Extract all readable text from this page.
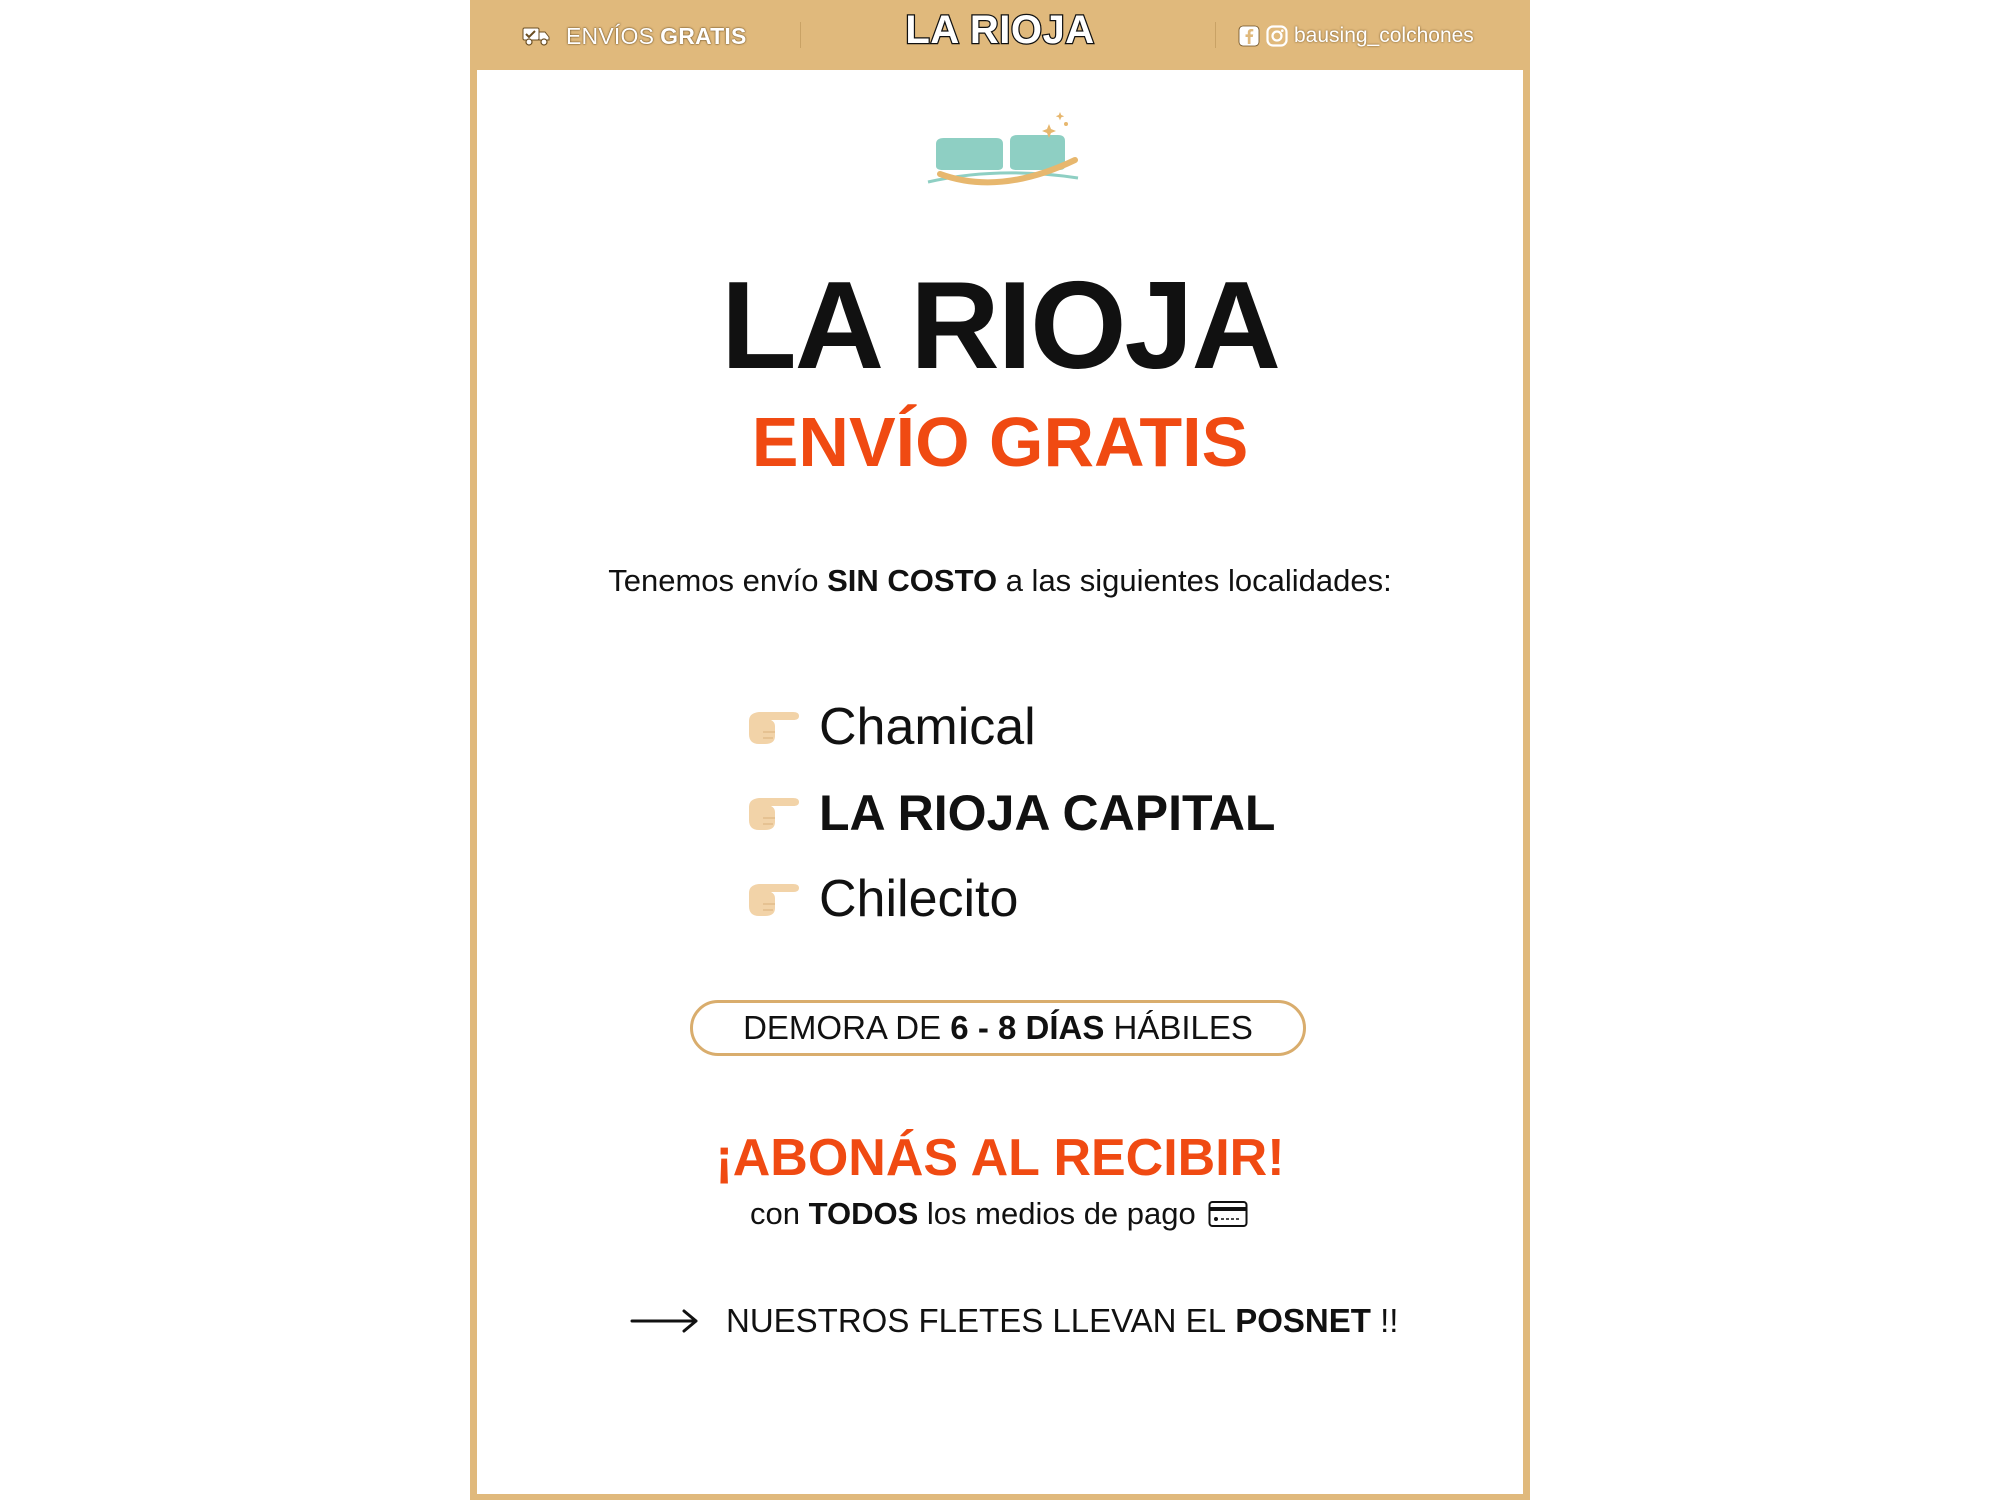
ENVÍOS GRATIS	LA RIOJA	bausing_colchones
LA RIOJA
ENVÍO GRATIS
Tenemos envío SIN COSTO a las siguientes localidades:
Chamical
LA RIOJA CAPITAL
Chilecito
DEMORA DE
6 - 8 DÍAS
HÁBILES
¡ABONÁS AL RECIBIR!
con
TODOS
los medios de pago
NUESTROS FLETES LLEVAN EL
POSNET
!!
